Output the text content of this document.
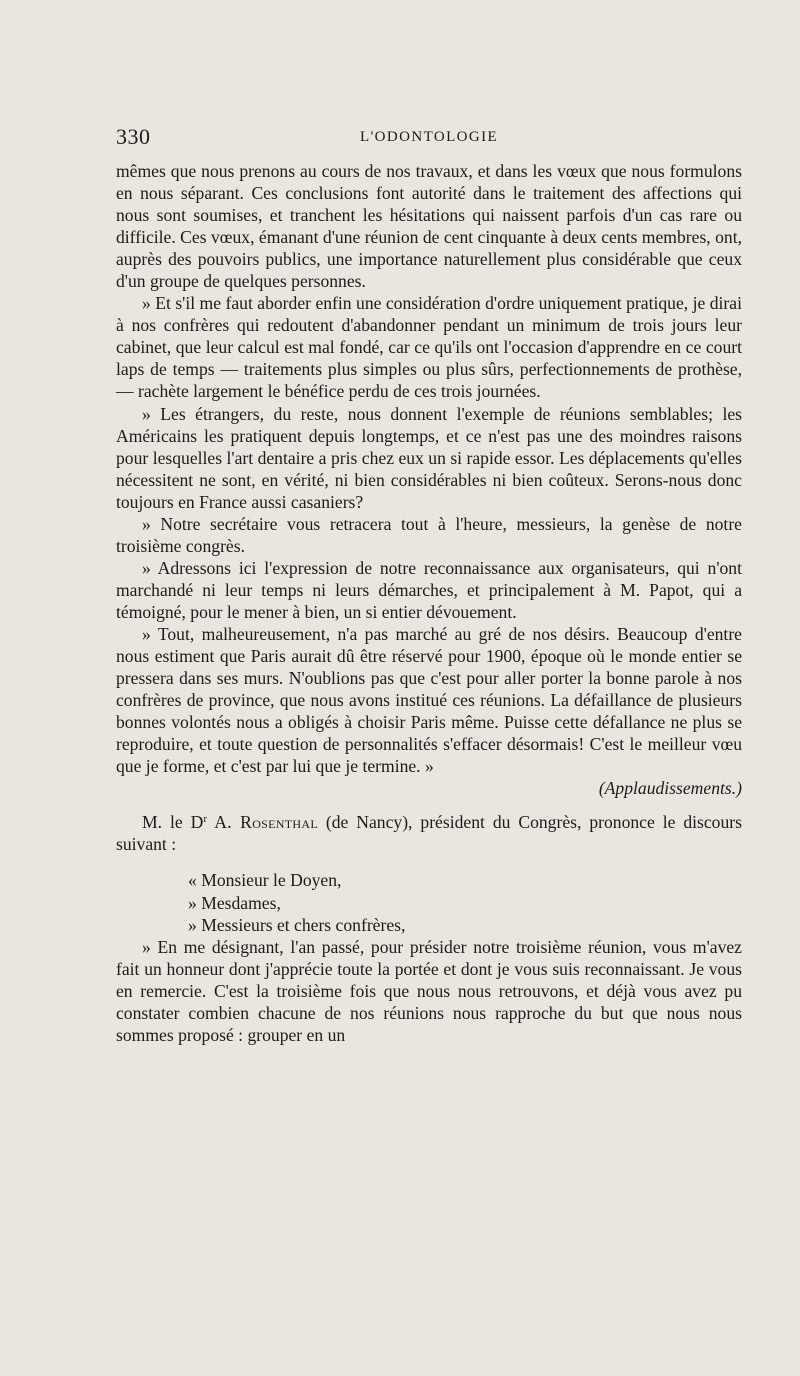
330	L'ODONTOLOGIE

mêmes que nous prenons au cours de nos travaux, et dans les vœux que nous formulons en nous séparant. Ces conclusions font autorité dans le traitement des affections qui nous sont soumises, et tranchent les hésitations qui naissent parfois d'un cas rare ou difficile. Ces vœux, émanant d'une réunion de cent cinquante à deux cents membres, ont, auprès des pouvoirs publics, une importance naturellement plus considérable que ceux d'un groupe de quelques personnes.

» Et s'il me faut aborder enfin une considération d'ordre uniquement pratique, je dirai à nos confrères qui redoutent d'abandonner pendant un minimum de trois jours leur cabinet, que leur calcul est mal fondé, car ce qu'ils ont l'occasion d'apprendre en ce court laps de temps — traitements plus simples ou plus sûrs, perfectionnements de prothèse, — rachète largement le bénéfice perdu de ces trois journées.

» Les étrangers, du reste, nous donnent l'exemple de réunions semblables; les Américains les pratiquent depuis longtemps, et ce n'est pas une des moindres raisons pour lesquelles l'art dentaire a pris chez eux un si rapide essor. Les déplacements qu'elles nécessitent ne sont, en vérité, ni bien considérables ni bien coûteux. Serons-nous donc toujours en France aussi casaniers?

» Notre secrétaire vous retracera tout à l'heure, messieurs, la genèse de notre troisième congrès.

» Adressons ici l'expression de notre reconnaissance aux organisateurs, qui n'ont marchandé ni leur temps ni leurs démarches, et principalement à M. Papot, qui a témoigné, pour le mener à bien, un si entier dévouement.

» Tout, malheureusement, n'a pas marché au gré de nos désirs. Beaucoup d'entre nous estiment que Paris aurait dû être réservé pour 1900, époque où le monde entier se pressera dans ses murs. N'oublions pas que c'est pour aller porter la bonne parole à nos confrères de province, que nous avons institué ces réunions. La défaillance de plusieurs bonnes volontés nous a obligés à choisir Paris même. Puisse cette défallance ne plus se reproduire, et toute question de personnalités s'effacer désormais! C'est le meilleur vœu que je forme, et c'est par lui que je termine. »

(Applaudissements.)

M. le $D^r$ A. Rosenthal (de Nancy), président du Congrès, prononce le discours suivant :

« Monsieur le Doyen,
» Mesdames,
» Messieurs et chers confrères,

» En me désignant, l'an passé, pour présider notre troisième réunion, vous m'avez fait un honneur dont j'apprécie toute la portée et dont je vous suis reconnaissant. Je vous en remercie. C'est la troisième fois que nous nous retrouvons, et déjà vous avez pu constater combien chacune de nos réunions nous rapproche du but que nous nous sommes proposé : grouper en un
